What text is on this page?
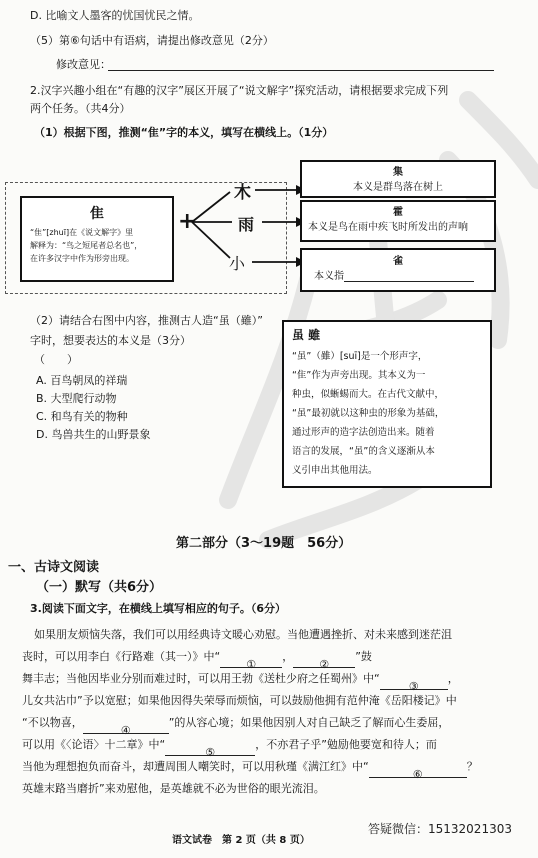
D. 比喻文人墨客的忧国忧民之情。
（5）第⑥句话中有语病，请提出修改意见（2分）
修改意见：
2.汉字兴趣小组在“有趣的汉字”展区开展了“说文解字”探究活动，请根据要求完成下列
两个任务。（共4分）
（1）根据下图，推测“隹”字的本义，填写在横线上。（1分）
隹
“隹”[zhuī]在《说文解字》里
解释为：“鸟之短尾者总名也”，
在许多汉字中作为形旁出现。
+
木
雨
小
集
本义是群鸟落在树上
霍
本义是鸟在雨中疾飞时所发出的声响
雀
本义指
（2）请结合右图中内容，推测古人造“虽（雖）”
字时，想要表达的本义是（3分）
（　　）
A. 百鸟朝凤的祥瑞
B. 大型爬行动物
C. 和鸟有关的物种
D. 鸟兽共生的山野景象
虽 雖
“虽”（雖）[suī]是一个形声字，
“隹”作为声旁出现。其本义为一
种虫，似蜥蜴而大。在古代文献中，
“虽”最初就以这种虫的形象为基础，
通过形声的造字法创造出来。随着
语言的发展，“虽”的含义逐渐从本
义引申出其他用法。
第二部分（3～19题　56分）
一、古诗文阅读
（一）默写（共6分）
3.阅读下面文字，在横线上填写相应的句子。（6分）
如果朋友烦恼失落，我们可以用经典诗文暖心劝慰。当他遭遇挫折、对未来感到迷茫沮
丧时，可以用李白《行路难（其一）》中“
①
，
②
”鼓
舞丰志；当他因毕业分别而难过时，可以用王勃《送杜少府之任蜀州》中“
③
，
儿女共沾巾”予以宽慰；如果他因得失荣辱而烦恼，可以鼓励他拥有范仲淹《岳阳楼记》中
“不以物喜，
④
”的从容心境；如果他因别人对自己缺乏了解而心生委屈，
可以用《〈论语〉十二章》中“
⑤
，不亦君子乎”勉励他要宽和待人；而
当他为理想抱负而奋斗，却遭周围人嘲笑时，可以用秋瑾《满江红》中“
⑥
？
英雄末路当磨折”来劝慰他，是英雄就不必为世俗的眼光流泪。
语文试卷　第 2 页（共 8 页）
答疑微信：15132021303
